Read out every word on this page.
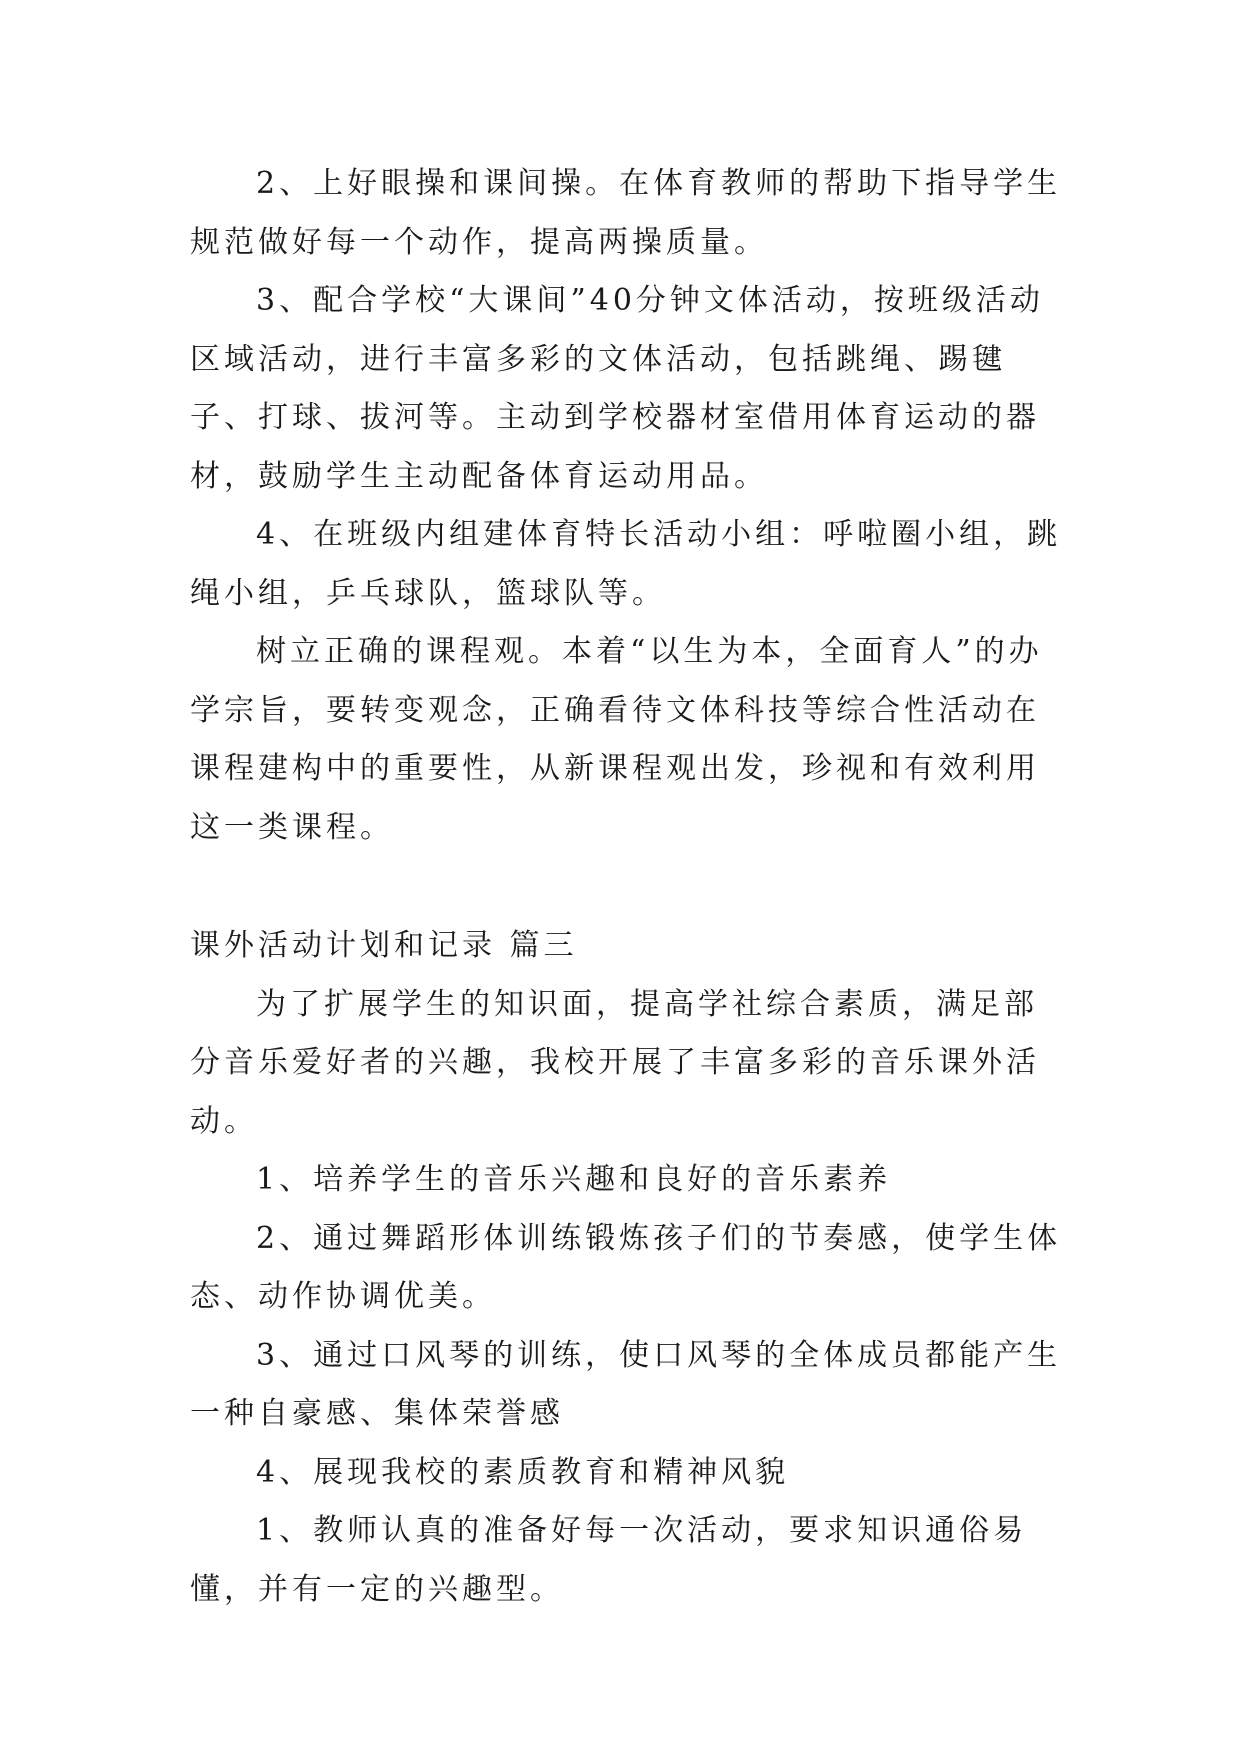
2、上好眼操和课间操。在体育教师的帮助下指导学生规范做好每一个动作，提高两操质量。

3、配合学校“大课间”40分钟文体活动，按班级活动区域活动，进行丰富多彩的文体活动，包括跳绳、踢毽子、打球、拔河等。主动到学校器材室借用体育运动的器材，鼓励学生主动配备体育运动用品。

4、在班级内组建体育特长活动小组：呼啦圈小组，跳绳小组，乒乓球队，篮球队等。

树立正确的课程观。本着“以生为本，全面育人”的办学宗旨，要转变观念，正确看待文体科技等综合性活动在课程建构中的重要性，从新课程观出发，珍视和有效利用这一类课程。

课外活动计划和记录 篇三

为了扩展学生的知识面，提高学社综合素质，满足部分音乐爱好者的兴趣，我校开展了丰富多彩的音乐课外活动。

1、培养学生的音乐兴趣和良好的音乐素养

2、通过舞蹈形体训练锻炼孩子们的节奏感，使学生体态、动作协调优美。

3、通过口风琴的训练，使口风琴的全体成员都能产生一种自豪感、集体荣誉感

4、展现我校的素质教育和精神风貌

1、教师认真的准备好每一次活动，要求知识通俗易懂，并有一定的兴趣型。
